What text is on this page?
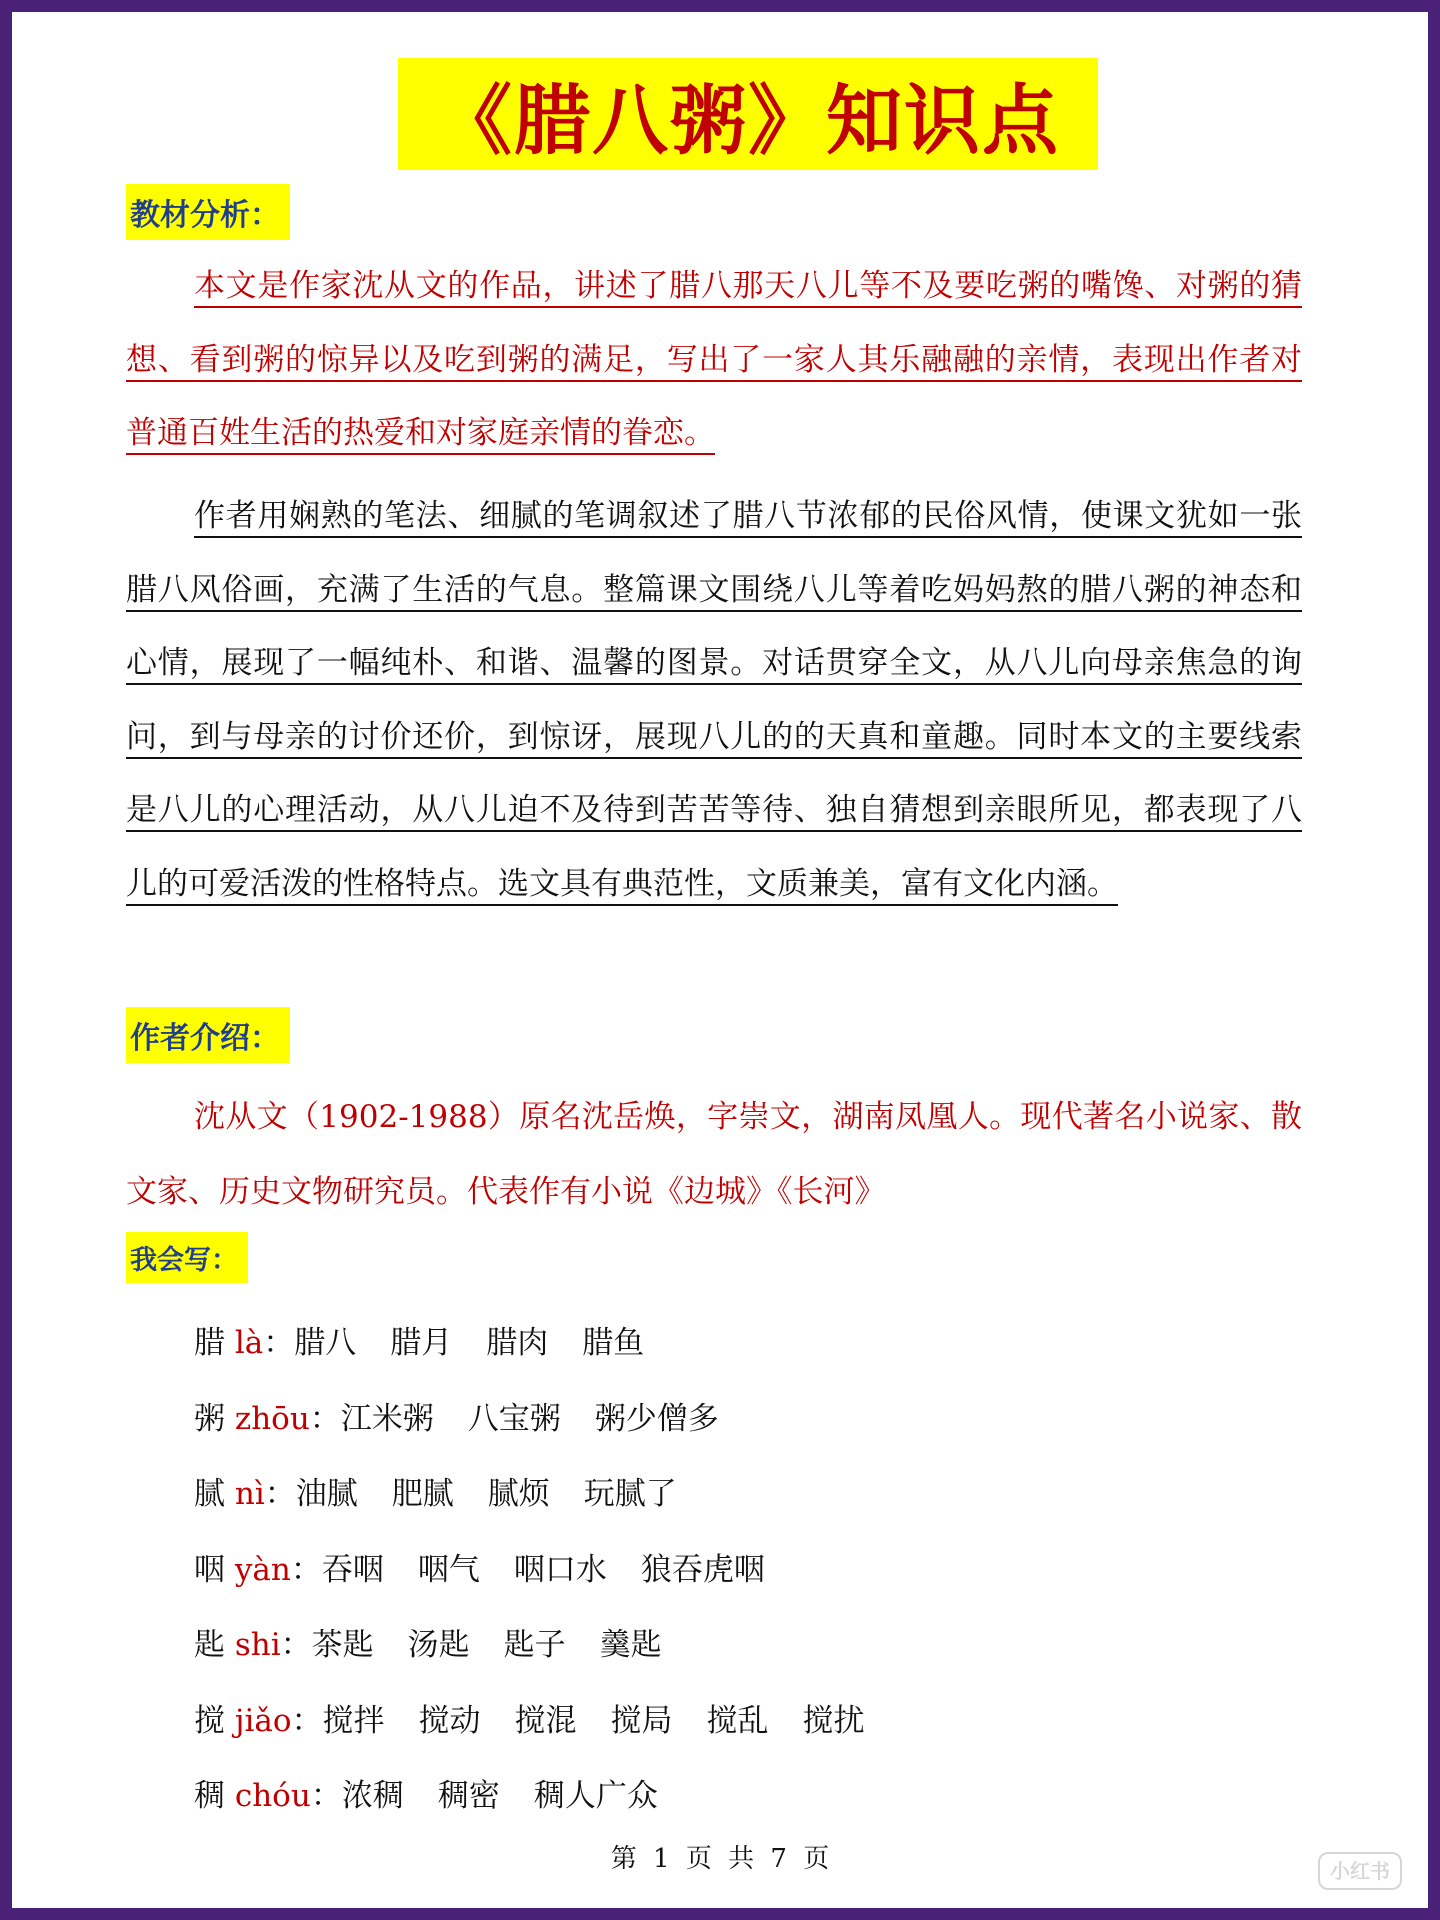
《腊八粥》知识点
教材分析：
本文是作家沈从文的作品，讲述了腊八那天八儿等不及要吃粥的嘴馋、对粥的猜想、看到粥的惊异以及吃到粥的满足，写出了一家人其乐融融的亲情，表现出作者对普通百姓生活的热爱和对家庭亲情的眷恋。
作者用娴熟的笔法、细腻的笔调叙述了腊八节浓郁的民俗风情，使课文犹如一张腊八风俗画，充满了生活的气息。整篇课文围绕八儿等着吃妈妈熬的腊八粥的神态和心情，展现了一幅纯朴、和谐、温馨的图景。对话贯穿全文，从八儿向母亲焦急的询问，到与母亲的讨价还价，到惊讶，展现八儿的的天真和童趣。同时本文的主要线索是八儿的心理活动，从八儿迫不及待到苦苦等待、独自猜想到亲眼所见，都表现了八儿的可爱活泼的性格特点。选文具有典范性，文质兼美，富有文化内涵。
作者介绍：
沈从文（1902-1988）原名沈岳焕，字崇文，湖南凤凰人。现代著名小说家、散文家、历史文物研究员。代表作有小说《边城》《长河》
我会写：
腊 là：腊八 腊月 腊肉 腊鱼
粥 zhōu：江米粥 八宝粥 粥少僧多
腻 nì：油腻 肥腻 腻烦 玩腻了
咽 yàn：吞咽 咽气 咽口水 狼吞虎咽
匙 shi：茶匙 汤匙 匙子 羹匙
搅 jiǎo：搅拌 搅动 搅混 搅局 搅乱 搅扰
稠 chóu：浓稠 稠密 稠人广众
第 1 页 共 7 页	小红书
